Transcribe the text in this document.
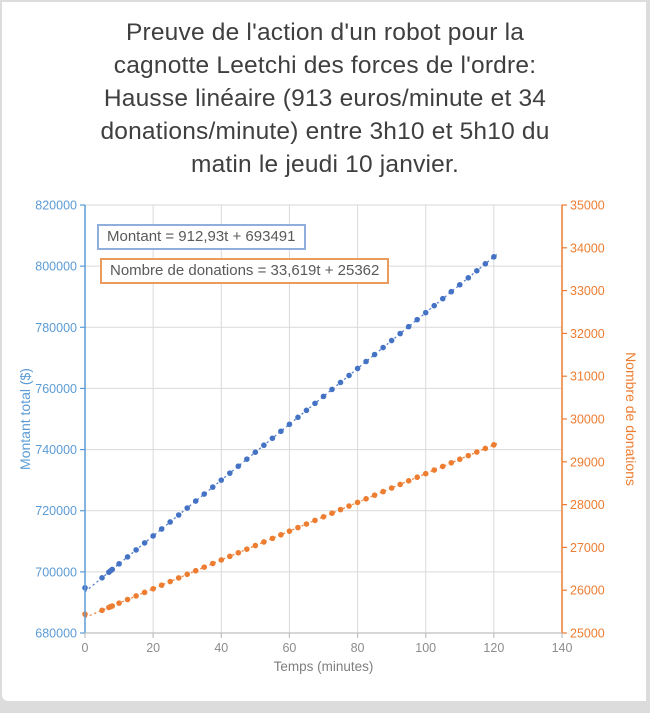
Preuve de l'action d'un robot pour la
cagnotte Leetchi des forces de l'ordre:
Hausse linéaire (913 euros/minute et 34
donations/minute) entre 3h10 et 5h10 du
matin le jeudi 10 janvier.
680000
700000
720000
740000
760000
780000
800000
820000
25000
26000
27000
28000
29000
30000
31000
32000
33000
34000
35000
0	20	40	60	80	100	120	140
Temps (minutes)
Montant total ($)	Nombre de donations
Montant = 912,93t + 693491
Nombre de donations = 33,619t + 25362
